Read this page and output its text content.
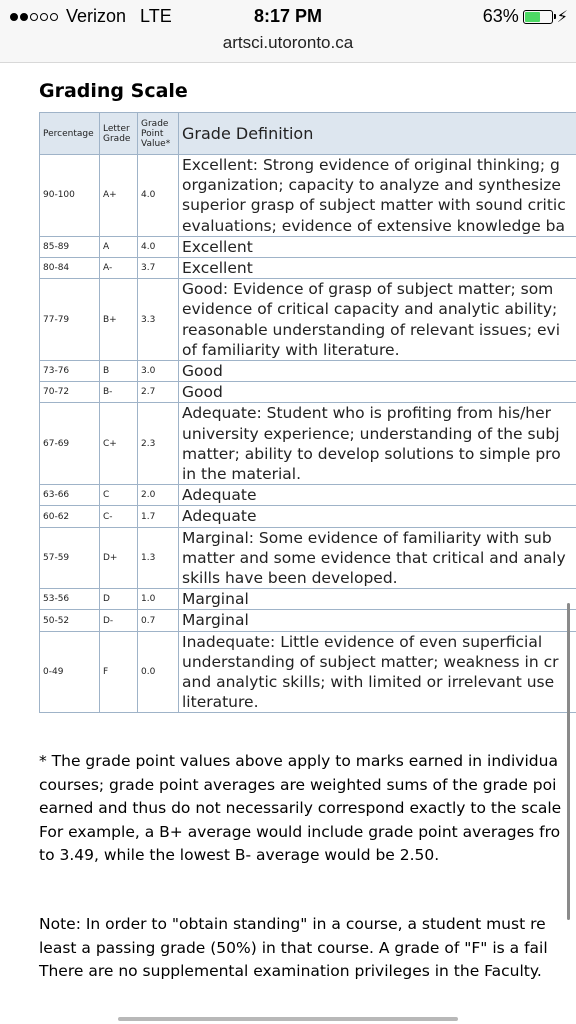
Verizon LTE	8:17 PM	63% ⚡︎
artsci.utoronto.ca
Grading Scale
Percentage	Letter Grade	Grade Point Value*	Grade Definition
90-100	A+	4.0	Excellent: Strong evidence of original thinking; g
organization; capacity to analyze and synthesize
superior grasp of subject matter with sound critic
evaluations; evidence of extensive knowledge ba

85-89	A	4.0	Excellent

80-84	A-	3.7	Excellent

77-79	B+	3.3	Good: Evidence of grasp of subject matter; som
evidence of critical capacity and analytic ability;
reasonable understanding of relevant issues; evi
of familiarity with literature.

73-76	B	3.0	Good

70-72	B-	2.7	Good

67-69	C+	2.3	Adequate: Student who is profiting from his/her
university experience; understanding of the subj
matter; ability to develop solutions to simple pro
in the material.

63-66	C	2.0	Adequate

60-62	C-	1.7	Adequate

57-59	D+	1.3	Marginal: Some evidence of familiarity with sub
matter and some evidence that critical and analy
skills have been developed.

53-56	D	1.0	Marginal

50-52	D-	0.7	Marginal

0-49	F	0.0	Inadequate: Little evidence of even superficial
understanding of subject matter; weakness in cr
and analytic skills; with limited or irrelevant use
literature.
* The grade point values above apply to marks earned in individua
courses; grade point averages are weighted sums of the grade poi
earned and thus do not necessarily correspond exactly to the scale
For example, a B+ average would include grade point averages fro
to 3.49, while the lowest B- average would be 2.50.
Note: In order to "obtain standing" in a course, a student must re
least a passing grade (50%) in that course. A grade of "F" is a fail
There are no supplemental examination privileges in the Faculty.
